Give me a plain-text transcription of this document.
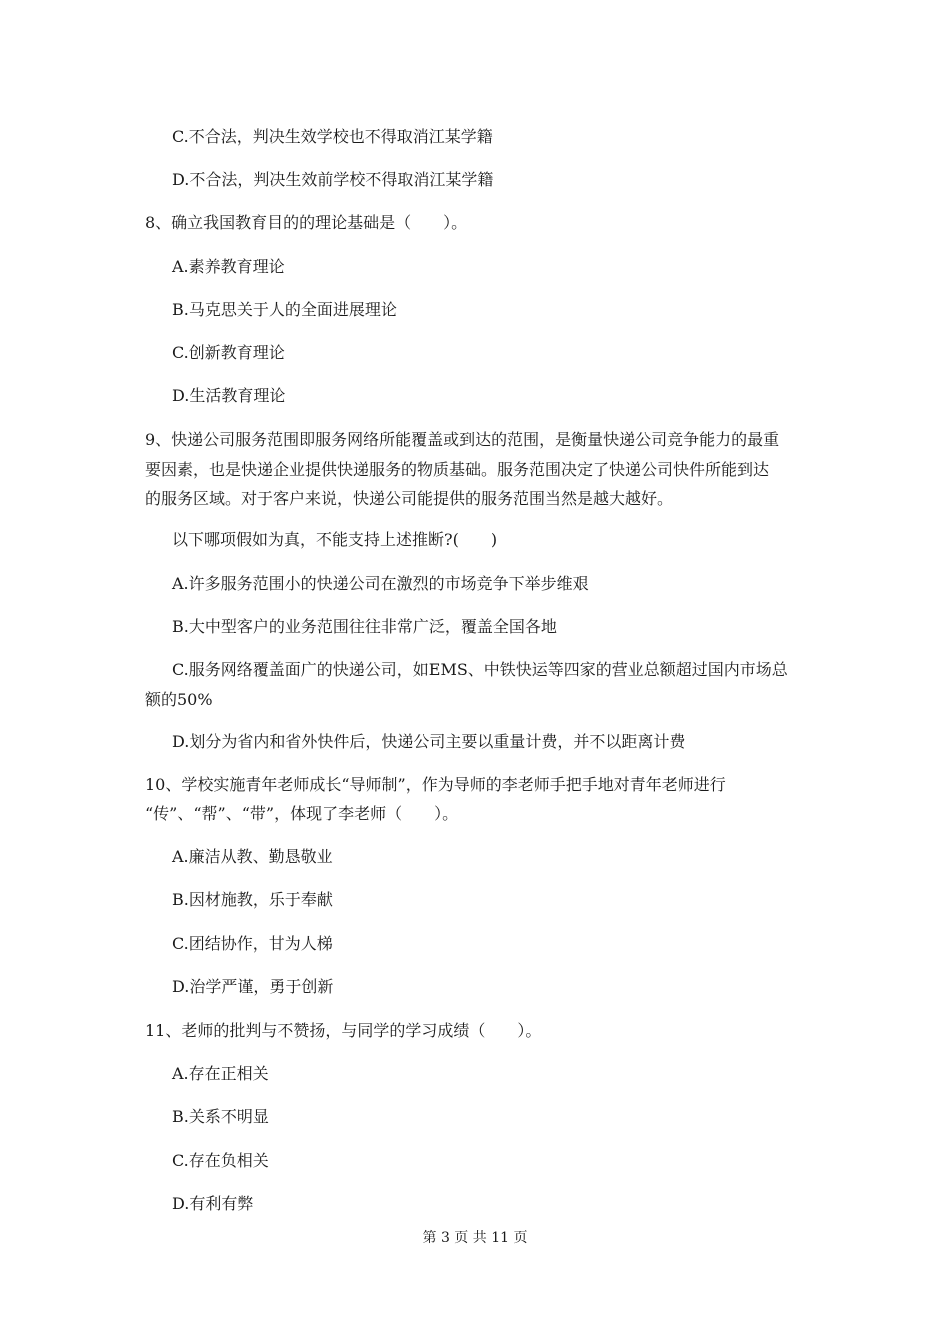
C.不合法，判决生效学校也不得取消江某学籍
D.不合法，判决生效前学校不得取消江某学籍
8、确立我国教育目的的理论基础是（　　）。
A.素养教育理论
B.马克思关于人的全面进展理论
C.创新教育理论
D.生活教育理论
9、快递公司服务范围即服务网络所能覆盖或到达的范围，是衡量快递公司竞争能力的最重
要因素，也是快递企业提供快递服务的物质基础。服务范围决定了快递公司快件所能到达
的服务区域。对于客户来说，快递公司能提供的服务范围当然是越大越好。
以下哪项假如为真，不能支持上述推断?(　　)
A.许多服务范围小的快递公司在激烈的市场竞争下举步维艰
B.大中型客户的业务范围往往非常广泛，覆盖全国各地
C.服务网络覆盖面广的快递公司，如EMS、中铁快运等四家的营业总额超过国内市场总
额的50%
D.划分为省内和省外快件后，快递公司主要以重量计费，并不以距离计费
10、学校实施青年老师成长“导师制”，作为导师的李老师手把手地对青年老师进行
“传”、“帮”、“带”，体现了李老师（　　）。
A.廉洁从教、勤恳敬业
B.因材施教，乐于奉献
C.团结协作，甘为人梯
D.治学严谨，勇于创新
11、老师的批判与不赞扬，与同学的学习成绩（　　）。
A.存在正相关
B.关系不明显
C.存在负相关
D.有利有弊
第 3 页 共 11 页
